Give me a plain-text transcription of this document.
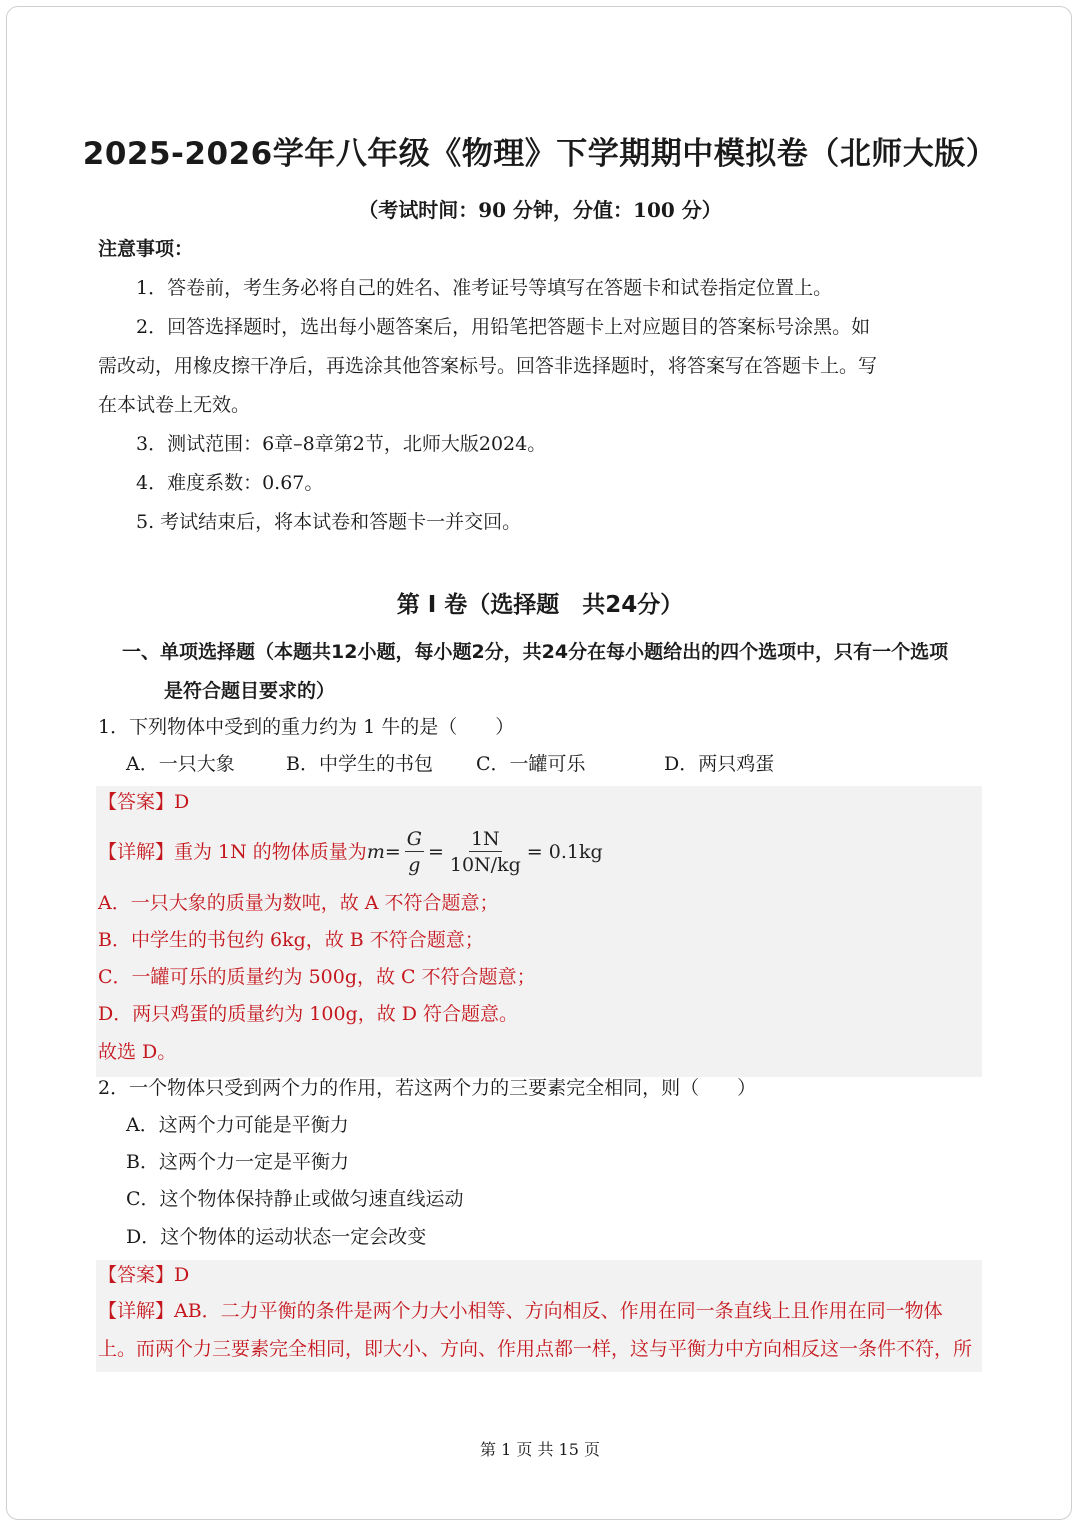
2025-2026学年八年级《物理》下学期期中模拟卷（北师大版）
（考试时间：90 分钟，分值：100 分）
注意事项：
1．答卷前，考生务必将自己的姓名、准考证号等填写在答题卡和试卷指定位置上。
2．回答选择题时，选出每小题答案后，用铅笔把答题卡上对应题目的答案标号涂黑。如
需改动，用橡皮擦干净后，再选涂其他答案标号。回答非选择题时，将答案写在答题卡上。写
在本试卷上无效。
3．测试范围：6章–8章第2节，北师大版2024。
4．难度系数：0.67。
5. 考试结束后，将本试卷和答题卡一并交回。
第 I 卷（选择题　共24分）
一、单项选择题（本题共12小题，每小题2分，共24分在每小题给出的四个选项中，只有一个选项
是符合题目要求的）
1．下列物体中受到的重力约为 1 牛的是（　　）
A．一只大象	B．中学生的书包 C．一罐可乐	D．两只鸡蛋
【答案】D
【详解】 重为 1N 的物体质量为 $m = \frac{G}{g} = \frac{1N}{10N/kg} = 0.1kg$
A．一只大象的质量为数吨，故 A 不符合题意；
B．中学生的书包约 6kg，故 B 不符合题意；
C．一罐可乐的质量约为 500g，故 C 不符合题意；
D．两只鸡蛋的质量约为 100g，故 D 符合题意。
故选 D。
2．一个物体只受到两个力的作用，若这两个力的三要素完全相同，则（　　）
A．这两个力可能是平衡力
B．这两个力一定是平衡力
C．这个物体保持静止或做匀速直线运动
D．这个物体的运动状态一定会改变
【答案】D
【详解】AB．二力平衡的条件是两个力大小相等、方向相反、作用在同一条直线上且作用在同一物体
上。而两个力三要素完全相同，即大小、方向、作用点都一样，这与平衡力中方向相反这一条件不符，所
第 1 页 共 15 页
